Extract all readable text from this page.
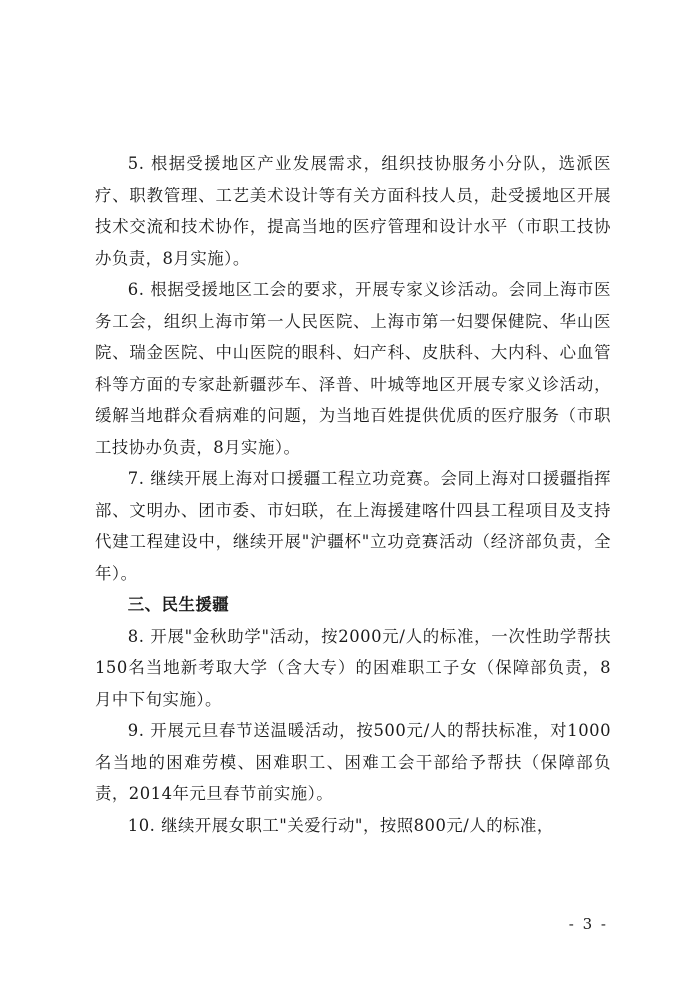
5. 根据受援地区产业发展需求，组织技协服务小分队，选派医疗、职教管理、工艺美术设计等有关方面科技人员，赴受援地区开展技术交流和技术协作，提高当地的医疗管理和设计水平（市职工技协办负责，8月实施）。

6. 根据受援地区工会的要求，开展专家义诊活动。会同上海市医务工会，组织上海市第一人民医院、上海市第一妇婴保健院、华山医院、瑞金医院、中山医院的眼科、妇产科、皮肤科、大内科、心血管科等方面的专家赴新疆莎车、泽普、叶城等地区开展专家义诊活动，缓解当地群众看病难的问题，为当地百姓提供优质的医疗服务（市职工技协办负责，8月实施）。

7. 继续开展上海对口援疆工程立功竞赛。会同上海对口援疆指挥部、文明办、团市委、市妇联，在上海援建喀什四县工程项目及支持代建工程建设中，继续开展"沪疆杯"立功竞赛活动（经济部负责，全年）。

三、民生援疆

8. 开展"金秋助学"活动，按2000元/人的标准，一次性助学帮扶150名当地新考取大学（含大专）的困难职工子女（保障部负责，8月中下旬实施）。

9. 开展元旦春节送温暖活动，按500元/人的帮扶标准，对1000名当地的困难劳模、困难职工、困难工会干部给予帮扶（保障部负责，2014年元旦春节前实施）。

10. 继续开展女职工"关爱行动"，按照800元/人的标准，

- 3 -
